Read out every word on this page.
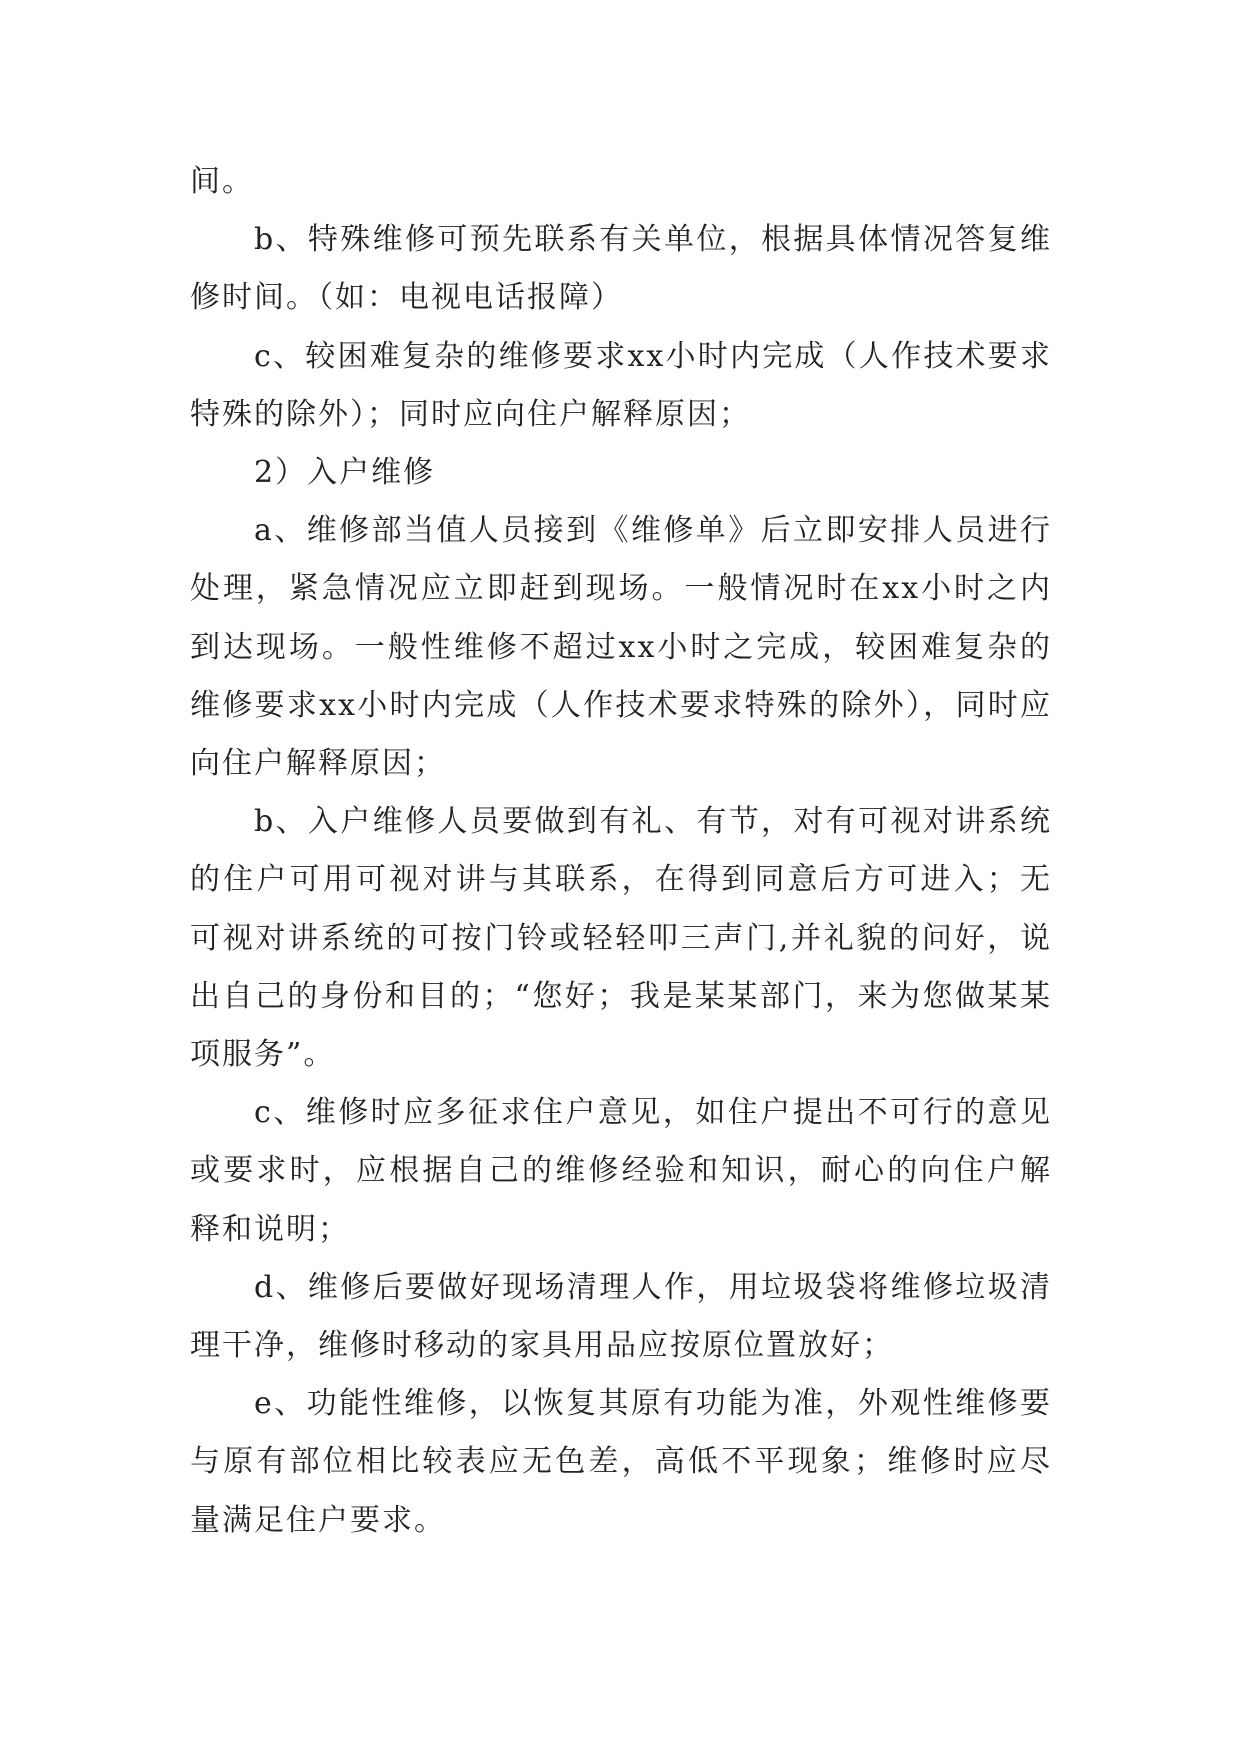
间。

b、特殊维修可预先联系有关单位，根据具体情况答复维修时间。（如：电视电话报障）

c、较困难复杂的维修要求xx小时内完成（人作技术要求特殊的除外）；同时应向住户解释原因；

2）入户维修

a、维修部当值人员接到《维修单》后立即安排人员进行处理，紧急情况应立即赶到现场。一般情况时在xx小时之内到达现场。一般性维修不超过xx小时之完成，较困难复杂的维修要求xx小时内完成（人作技术要求特殊的除外），同时应向住户解释原因；

b、入户维修人员要做到有礼、有节，对有可视对讲系统的住户可用可视对讲与其联系，在得到同意后方可进入；无可视对讲系统的可按门铃或轻轻叩三声门,并礼貌的问好，说出自己的身份和目的；“您好；我是某某部门，来为您做某某项服务”。

c、维修时应多征求住户意见，如住户提出不可行的意见或要求时，应根据自己的维修经验和知识，耐心的向住户解释和说明；

d、维修后要做好现场清理人作，用垃圾袋将维修垃圾清理干净，维修时移动的家具用品应按原位置放好；

e、功能性维修，以恢复其原有功能为准，外观性维修要与原有部位相比较表应无色差，高低不平现象；维修时应尽量满足住户要求。
